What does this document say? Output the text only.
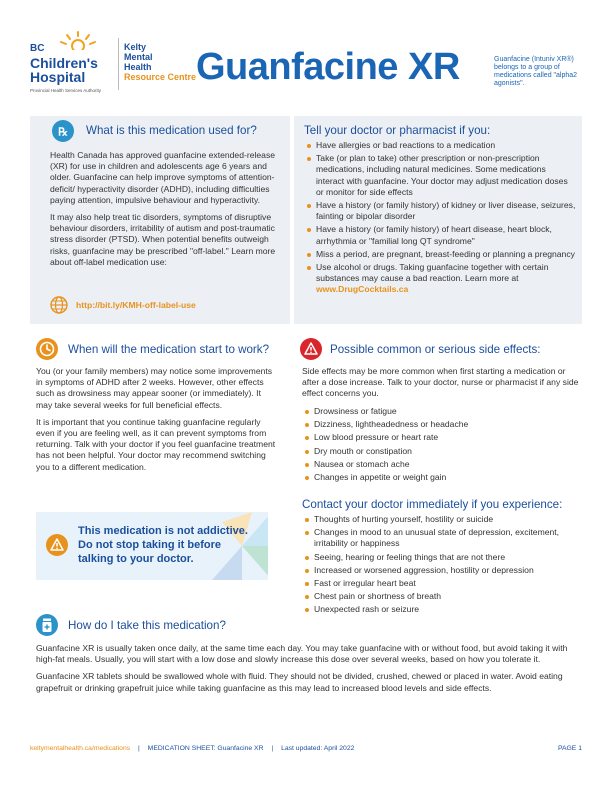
BC
Children's
Hospital
Provincial Health Services Authority
Kelty
Mental
Health
Resource Centre Guanfacine XR	Guanfacine (Intuniv XR®) belongs to a group of medications called "alpha2 agonists".
℞ What is this medication used for?

Health Canada has approved guanfacine extended-release (XR) for use in children and adolescents age 6 years and older. Guanfacine can help improve symptoms of attention-deficit/ hyperactivity disorder (ADHD), including difficulties paying attention, impulsive behaviour and hyperactivity.

It may also help treat tic disorders, symptoms of disruptive behaviour disorders, irritability of autism and post-traumatic stress disorder (PTSD). When potential benefits outweigh risks, guanfacine may be prescribed "off-label." Learn more about off-label medication use:

http://bit.ly/KMH-off-label-use
Tell your doctor or pharmacist if you:
Have allergies or bad reactions to a medication
Take (or plan to take) other prescription or non-prescription medications, including natural medicines. Some medications interact with guanfacine. Your doctor may adjust medication doses or monitor for side effects
Have a history (or family history) of kidney or liver disease, seizures, fainting or bipolar disorder
Have a history (or family history) of heart disease, heart block, arrhythmia or "familial long QT syndrome"
Miss a period, are pregnant, breast-feeding or planning a pregnancy
Use alcohol or drugs. Taking guanfacine together with certain substances may cause a bad reaction. Learn more at www.DrugCocktails.ca
When will the medication start to work?

You (or your family members) may notice some improvements in symptoms of ADHD after 2 weeks. However, other effects such as drowsiness may appear sooner (or immediately). It may take several weeks for full beneficial effects.

It is important that you continue taking guanfacine regularly even if you are feeling well, as it can prevent symptoms from returning. Talk with your doctor if you feel guanfacine treatment has not been helpful. Your doctor may recommend switching you to a different medication.

This medication is not addictive.
Do not stop taking it before
talking to your doctor.
Possible common or serious side effects:
Side effects may be more common when first starting a medication or after a dose increase. Talk to your doctor, nurse or pharmacist if any side effect concerns you.
Drowsiness or fatigue
Dizziness, lightheadedness or headache
Low blood pressure or heart rate
Dry mouth or constipation
Nausea or stomach ache
Changes in appetite or weight gain
Contact your doctor immediately if you experience:
Thoughts of hurting yourself, hostility or suicide
Changes in mood to an unusual state of depression, excitement, irritability or happiness
Seeing, hearing or feeling things that are not there
Increased or worsened aggression, hostility or depression
Fast or irregular heart beat
Chest pain or shortness of breath
Unexpected rash or seizure
How do I take this medication?

Guanfacine XR is usually taken once daily, at the same time each day. You may take guanfacine with or without food, but avoid taking it with high-fat meals. Usually, you will start with a low dose and slowly increase this dose over several weeks, based on how you tolerate it.

Guanfacine XR tablets should be swallowed whole with fluid. They should not be divided, crushed, chewed or placed in water. Avoid eating grapefruit or drinking grapefruit juice while taking guanfacine as this may lead to increased blood levels and side effects.

keltymentalhealth.ca/medications | MEDICATION SHEET: Guanfacine XR | Last updated: April 2022	PAGE 1
